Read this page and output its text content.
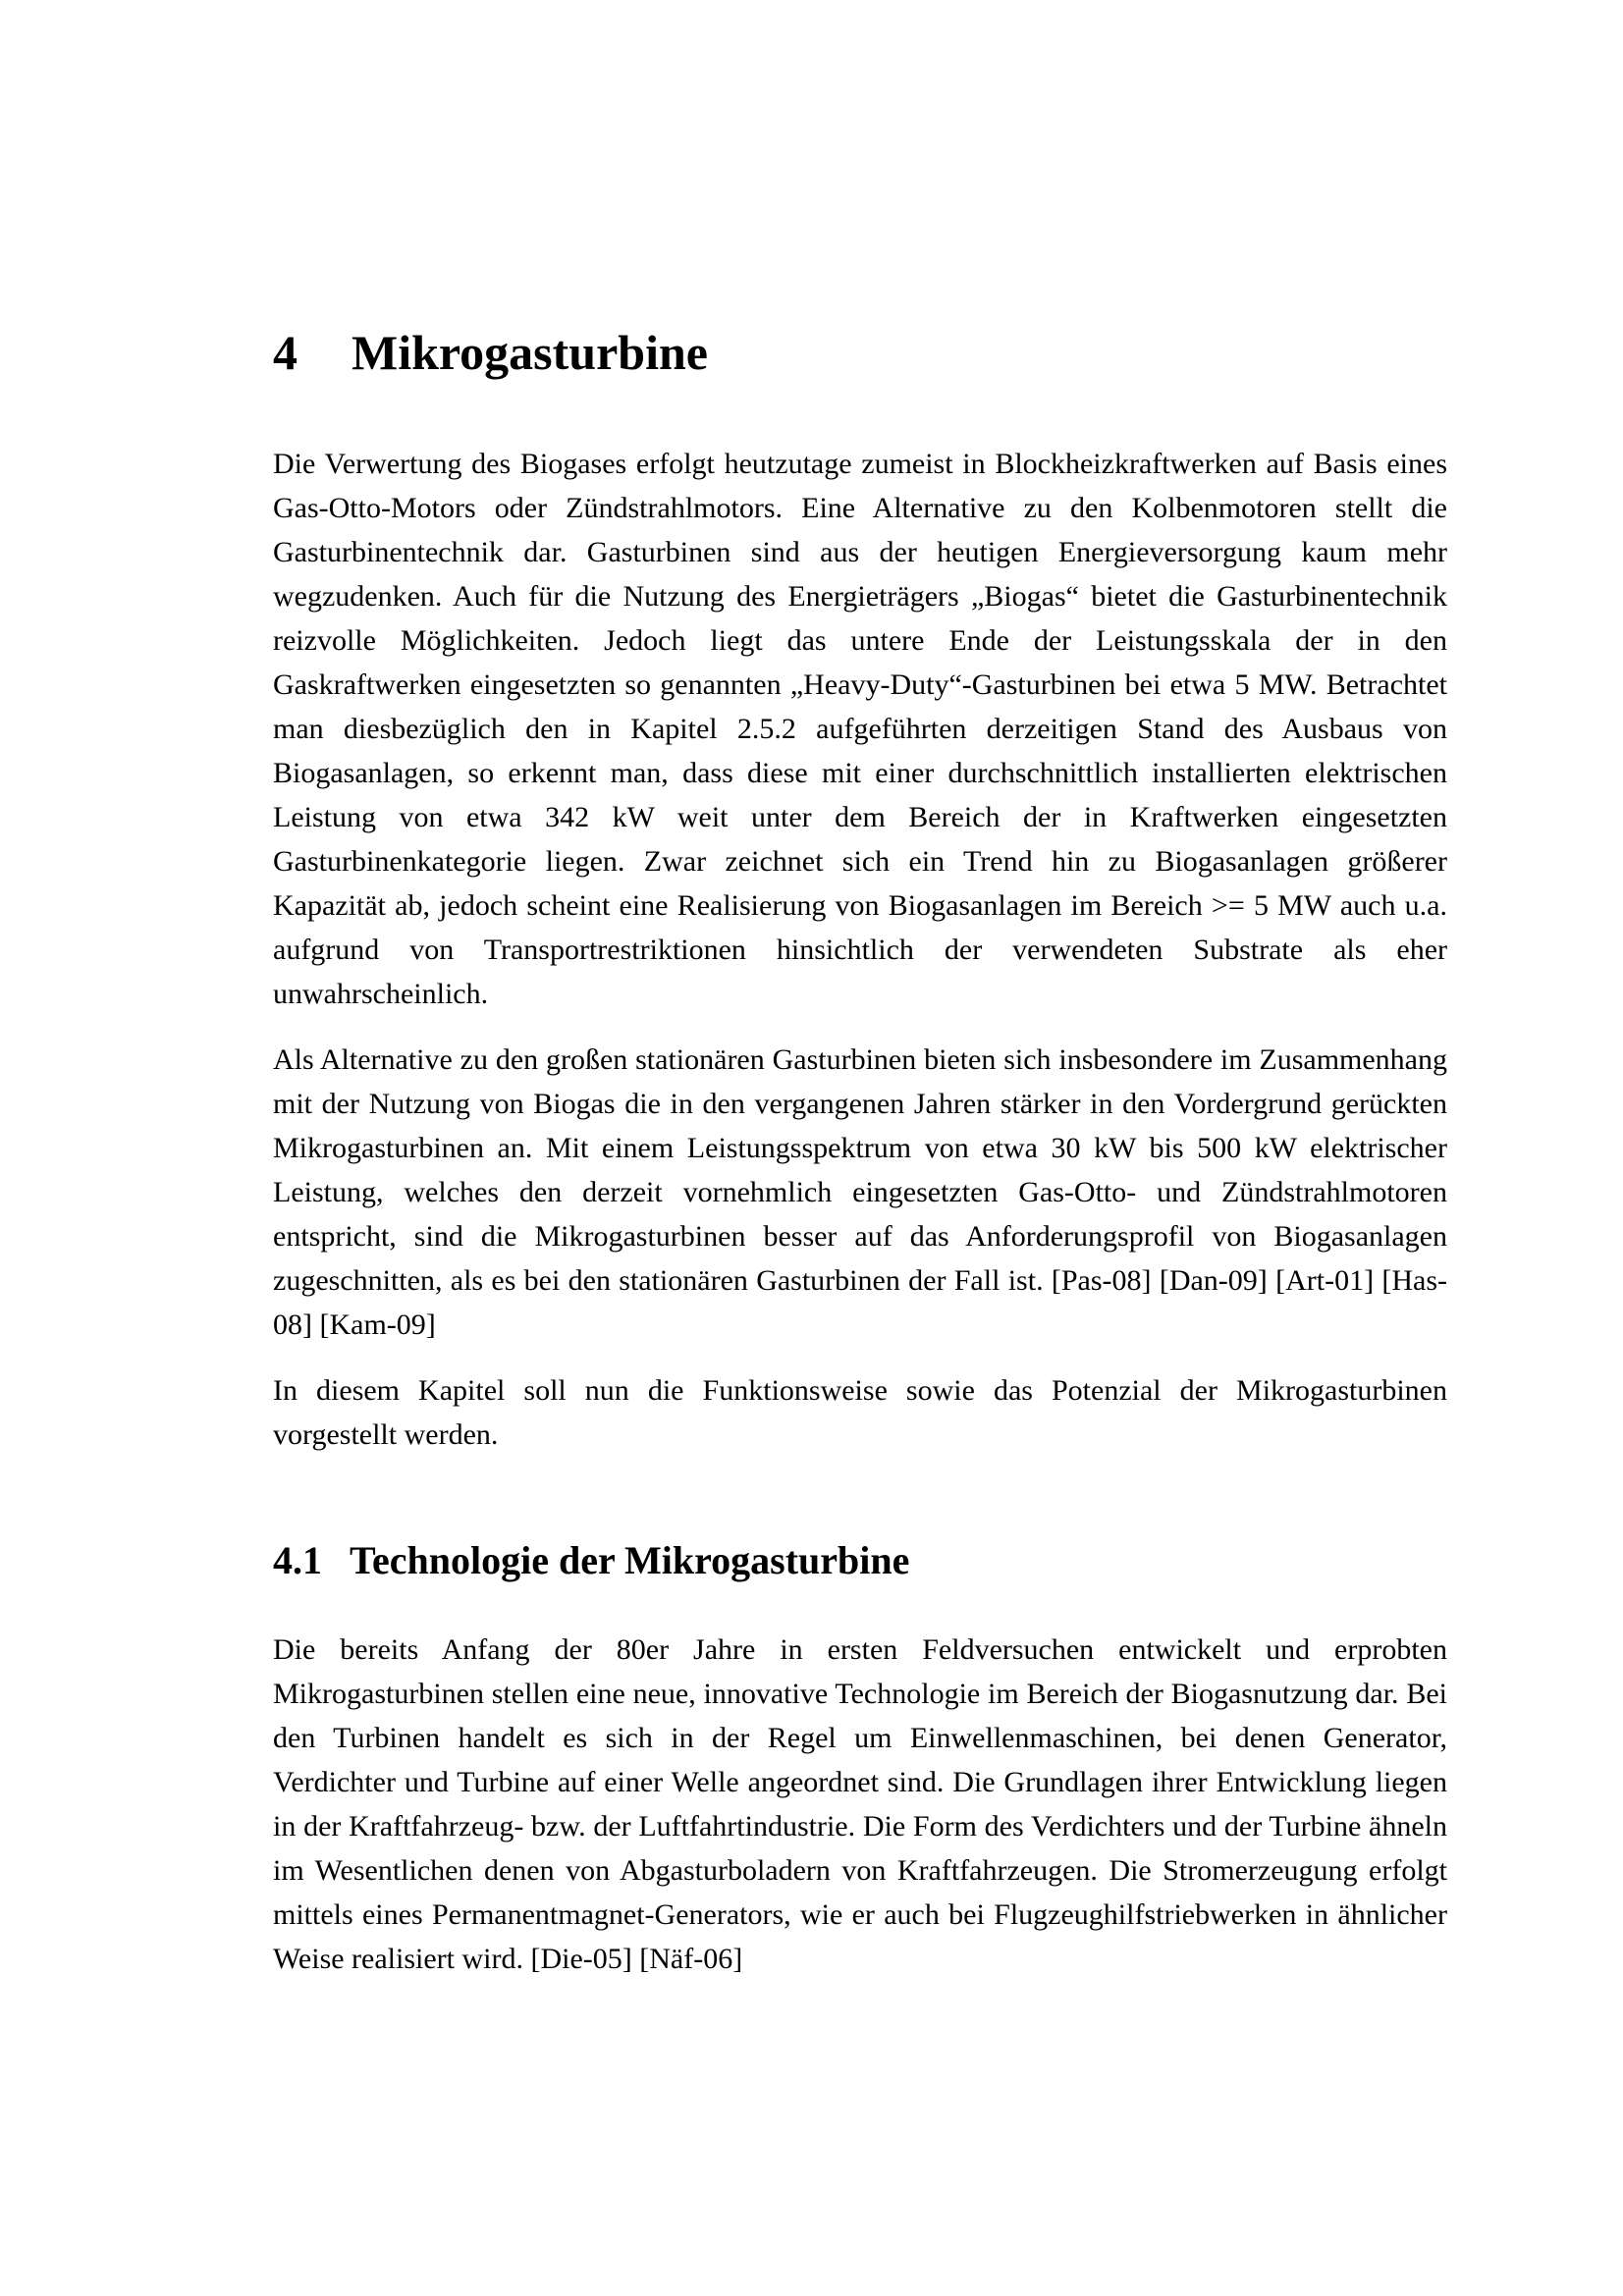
4	Mikrogasturbine

Die Verwertung des Biogases erfolgt heutzutage zumeist in Blockheizkraftwerken auf Basis eines Gas-Otto-Motors oder Zündstrahlmotors. Eine Alternative zu den Kolbenmotoren stellt die Gasturbinentechnik dar. Gasturbinen sind aus der heutigen Energieversorgung kaum mehr wegzudenken. Auch für die Nutzung des Energieträgers „Biogas“ bietet die Gasturbinentechnik reizvolle Möglichkeiten. Jedoch liegt das untere Ende der Leistungsskala der in den Gaskraftwerken eingesetzten so genannten „Heavy-Duty“-Gasturbinen bei etwa 5 MW. Betrachtet man diesbezüglich den in Kapitel 2.5.2 aufgeführten derzeitigen Stand des Ausbaus von Biogasanlagen, so erkennt man, dass diese mit einer durchschnittlich installierten elektrischen Leistung von etwa 342 kW weit unter dem Bereich der in Kraftwerken eingesetzten Gasturbinenkategorie liegen. Zwar zeichnet sich ein Trend hin zu Biogasanlagen größerer Kapazität ab, jedoch scheint eine Realisierung von Biogasanlagen im Bereich >= 5 MW auch u.a. aufgrund von Transportrestriktionen hinsichtlich der verwendeten Substrate als eher unwahrscheinlich.

Als Alternative zu den großen stationären Gasturbinen bieten sich insbesondere im Zusammenhang mit der Nutzung von Biogas die in den vergangenen Jahren stärker in den Vordergrund gerückten Mikrogasturbinen an. Mit einem Leistungsspektrum von etwa 30 kW bis 500 kW elektrischer Leistung, welches den derzeit vornehmlich eingesetzten Gas-Otto- und Zündstrahlmotoren entspricht, sind die Mikrogasturbinen besser auf das Anforderungsprofil von Biogasanlagen zugeschnitten, als es bei den stationären Gasturbinen der Fall ist. [Pas-08] [Dan-09] [Art-01] [Has-08] [Kam-09]

In diesem Kapitel soll nun die Funktionsweise sowie das Potenzial der Mikrogasturbinen vorgestellt werden.

4.1 Technologie der Mikrogasturbine

Die bereits Anfang der 80er Jahre in ersten Feldversuchen entwickelt und erprobten Mikrogasturbinen stellen eine neue, innovative Technologie im Bereich der Biogasnutzung dar. Bei den Turbinen handelt es sich in der Regel um Einwellenmaschinen, bei denen Generator, Verdichter und Turbine auf einer Welle angeordnet sind. Die Grundlagen ihrer Entwicklung liegen in der Kraftfahrzeug- bzw. der Luftfahrtindustrie. Die Form des Verdichters und der Turbine ähneln im Wesentlichen denen von Abgasturboladern von Kraftfahrzeugen. Die Stromerzeugung erfolgt mittels eines Permanentmagnet-Generators, wie er auch bei Flugzeughilfstriebwerken in ähnlicher Weise realisiert wird. [Die-05] [Näf-06]
